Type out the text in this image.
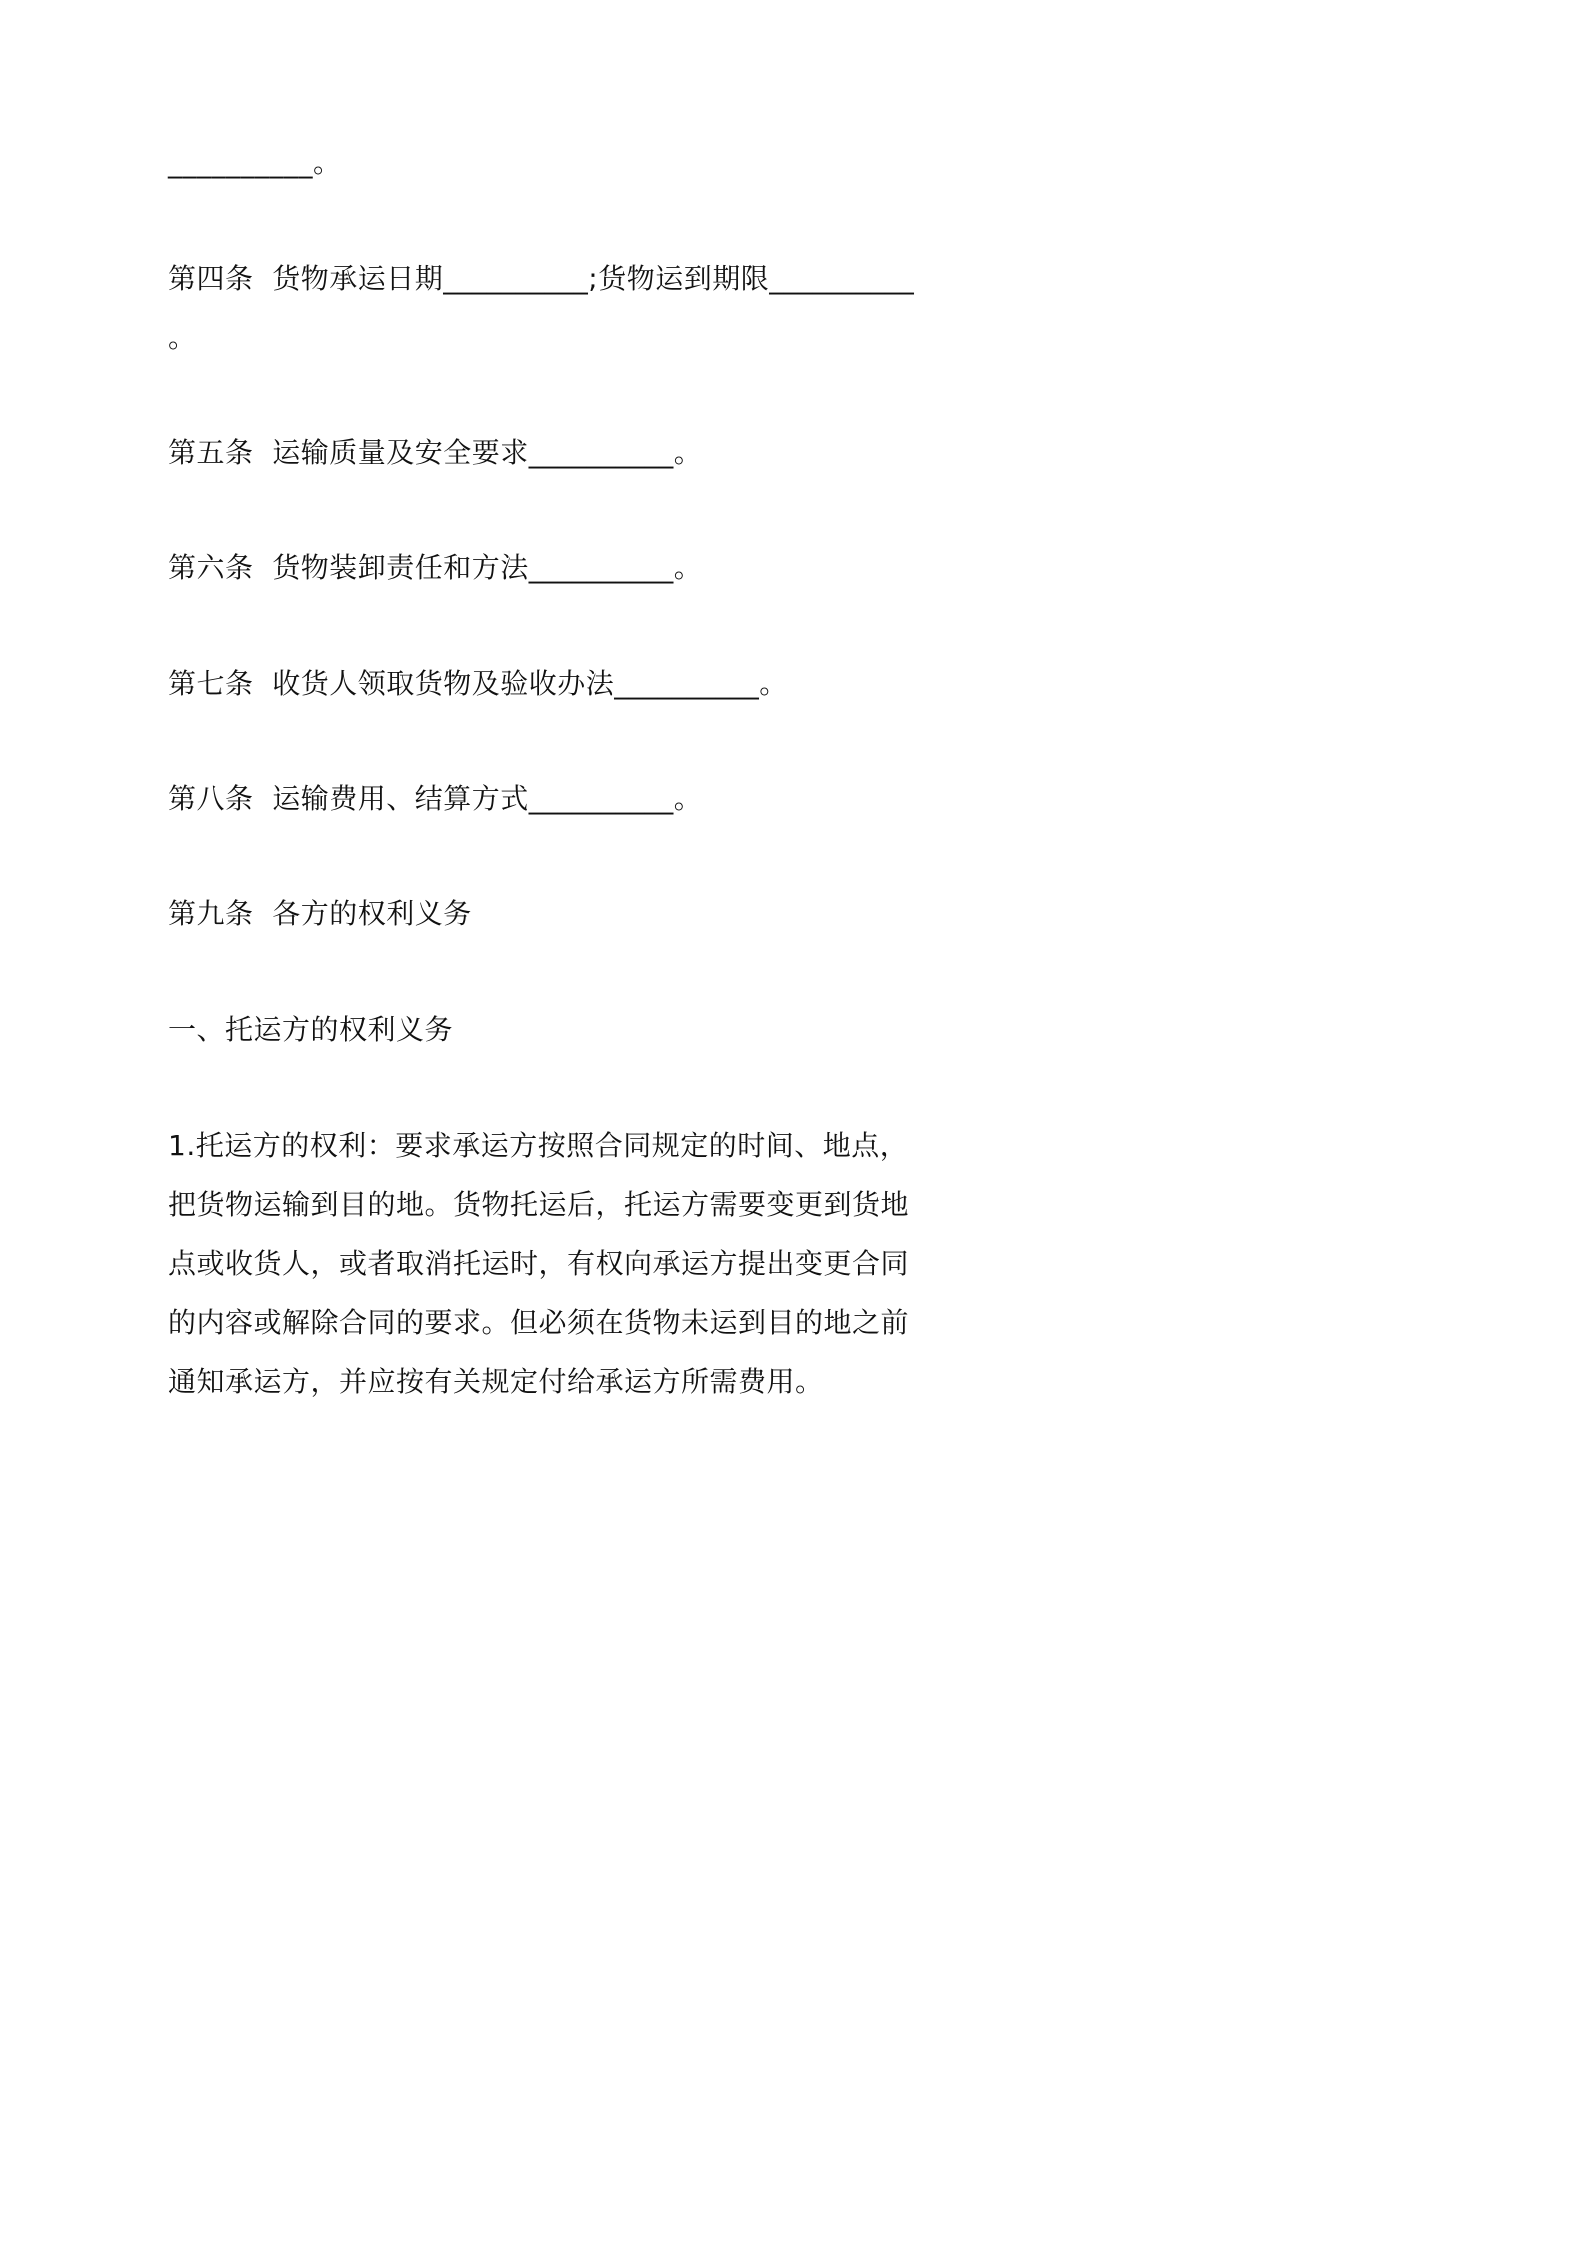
__________。
第四条  货物承运日期__________;货物运到期限__________
。
第五条  运输质量及安全要求__________。
第六条  货物装卸责任和方法__________。
第七条  收货人领取货物及验收办法__________。
第八条  运输费用、结算方式__________。
第九条  各方的权利义务
一、托运方的权利义务
1.托运方的权利：要求承运方按照合同规定的时间、地点，
把货物运输到目的地。货物托运后，托运方需要变更到货地
点或收货人，或者取消托运时，有权向承运方提出变更合同
的内容或解除合同的要求。但必须在货物未运到目的地之前
通知承运方，并应按有关规定付给承运方所需费用。
